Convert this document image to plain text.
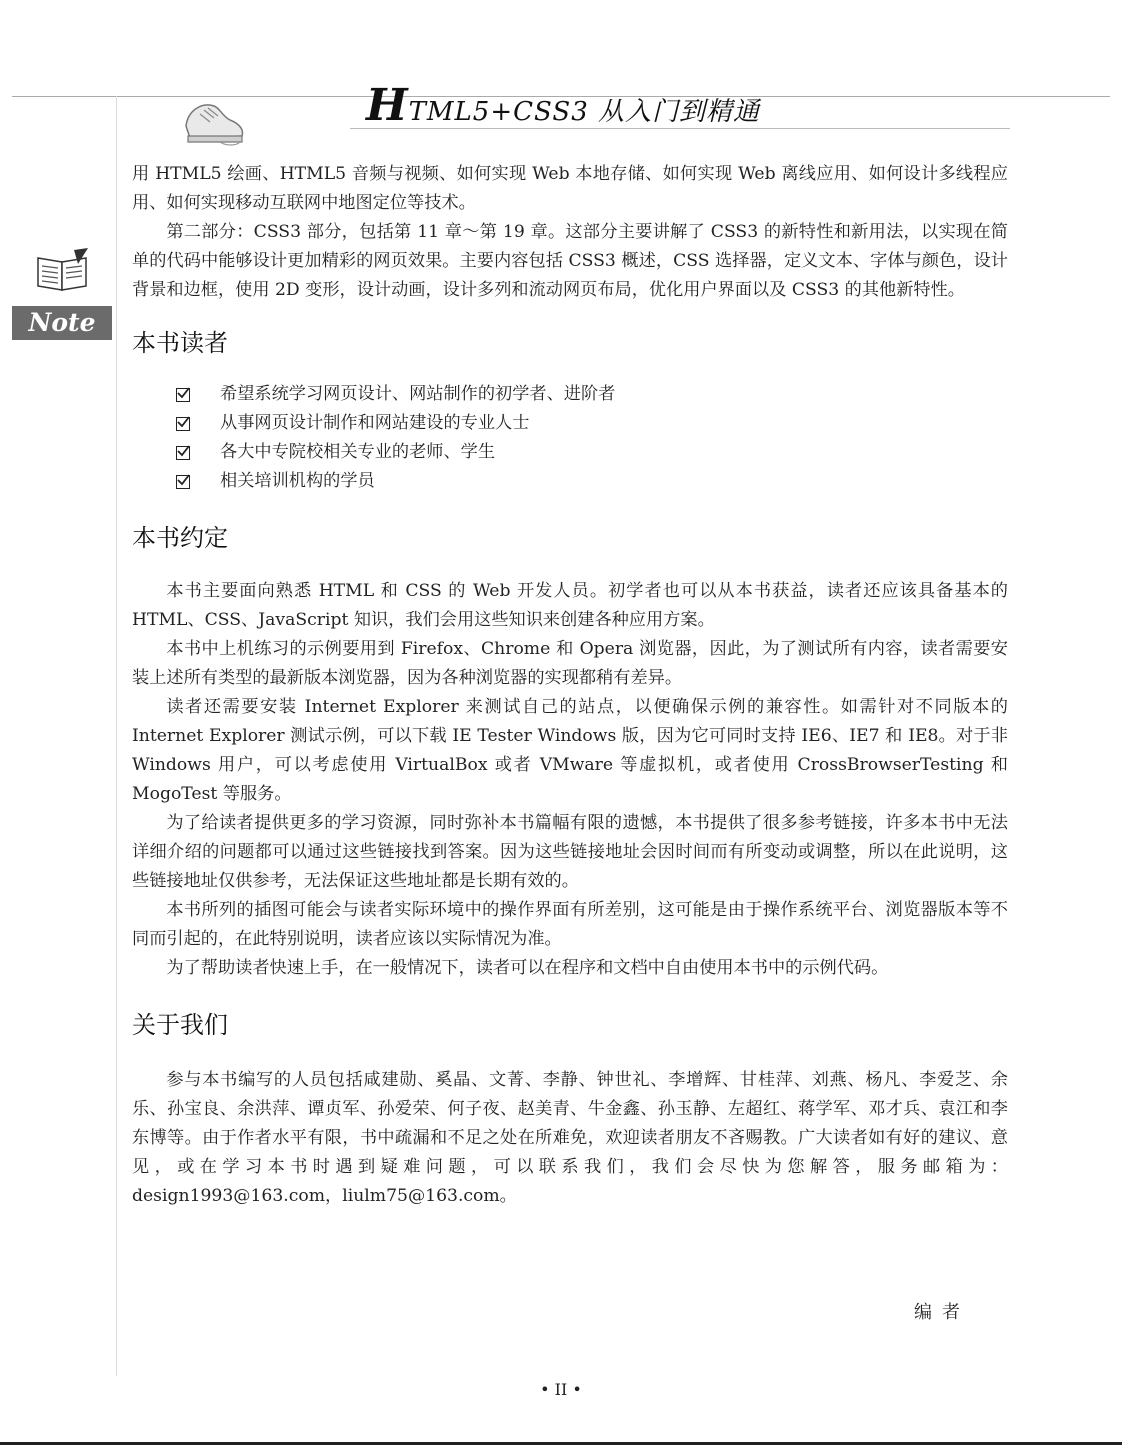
HTML5+CSS3 从入门到精通
Note

用 HTML5 绘画、HTML5 音频与视频、如何实现 Web 本地存储、如何实现 Web 离线应用、如何设计多线程应用、如何实现移动互联网中地图定位等技术。

第二部分：CSS3 部分，包括第 11 章～第 19 章。这部分主要讲解了 CSS3 的新特性和新用法，以实现在简单的代码中能够设计更加精彩的网页效果。主要内容包括 CSS3 概述，CSS 选择器，定义文本、字体与颜色，设计背景和边框，使用 2D 变形，设计动画，设计多列和流动网页布局，优化用户界面以及 CSS3 的其他新特性。

本书读者
希望系统学习网页设计、网站制作的初学者、进阶者
从事网页设计制作和网站建设的专业人士
各大中专院校相关专业的老师、学生
相关培训机构的学员
本书约定

本书主要面向熟悉 HTML 和 CSS 的 Web 开发人员。初学者也可以从本书获益，读者还应该具备基本的 HTML、CSS、JavaScript 知识，我们会用这些知识来创建各种应用方案。

本书中上机练习的示例要用到 Firefox、Chrome 和 Opera 浏览器，因此，为了测试所有内容，读者需要安装上述所有类型的最新版本浏览器，因为各种浏览器的实现都稍有差异。

读者还需要安装 Internet Explorer 来测试自己的站点，以便确保示例的兼容性。如需针对不同版本的 Internet Explorer 测试示例，可以下载 IE Tester Windows 版，因为它可同时支持 IE6、IE7 和 IE8。对于非 Windows 用户，可以考虑使用 VirtualBox 或者 VMware 等虚拟机，或者使用 CrossBrowserTesting 和 MogoTest 等服务。

为了给读者提供更多的学习资源，同时弥补本书篇幅有限的遗憾，本书提供了很多参考链接，许多本书中无法详细介绍的问题都可以通过这些链接找到答案。因为这些链接地址会因时间而有所变动或调整，所以在此说明，这些链接地址仅供参考，无法保证这些地址都是长期有效的。

本书所列的插图可能会与读者实际环境中的操作界面有所差别，这可能是由于操作系统平台、浏览器版本等不同而引起的，在此特别说明，读者应该以实际情况为准。

为了帮助读者快速上手，在一般情况下，读者可以在程序和文档中自由使用本书中的示例代码。

关于我们

参与本书编写的人员包括咸建勋、奚晶、文菁、李静、钟世礼、李增辉、甘桂萍、刘燕、杨凡、李爱芝、余乐、孙宝良、余洪萍、谭贞军、孙爱荣、何子夜、赵美青、牛金鑫、孙玉静、左超红、蒋学军、邓才兵、袁江和李东博等。由于作者水平有限，书中疏漏和不足之处在所难免，欢迎读者朋友不吝赐教。广大读者如有好的建议、意见，或在学习本书时遇到疑难问题，可以联系我们，我们会尽快为您解答，服务邮箱为：design1993@163.com，liulm75@163.com。

编者
• II •
